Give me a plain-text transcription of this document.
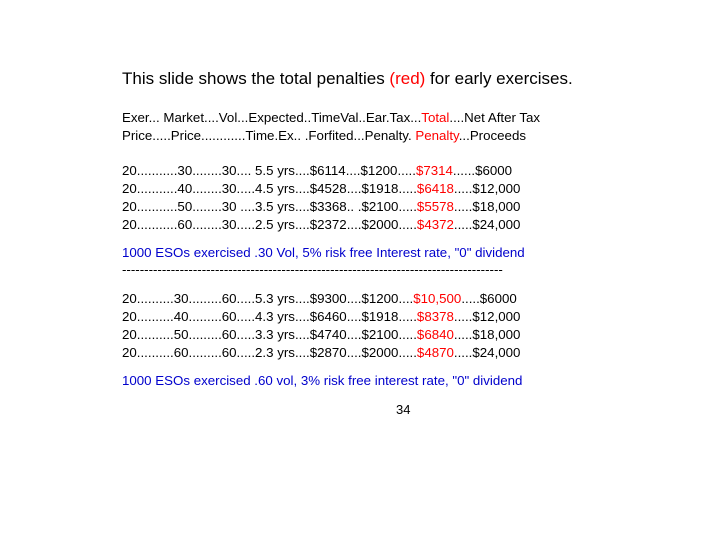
This slide shows the total penalties (red) for early exercises.
Exer... Market....Vol...Expected..TimeVal..Ear.Tax...Total....Net After Tax
Price.....Price............Time.Ex.. .Forfited...Penalty. Penalty...Proceeds
20...........30........30.... 5.5 yrs....$6114....$1200.....$7314......$6000
20...........40........30.....4.5 yrs....$4528....$1918.....$6418.....$12,000
20...........50........30 ....3.5 yrs....$3368.. .$2100.....$5578.....$18,000
20...........60........30.....2.5 yrs....$2372....$2000.....$4372.....$24,000
1000 ESOs exercised .30 Vol, 5% risk free Interest rate, "0" dividend
--------------------------------------------------------------------------------------
20..........30.........60.....5.3 yrs....$9300....$1200....$10,500.....$6000
20..........40.........60.....4.3 yrs....$6460....$1918.....$8378.....$12,000
20..........50.........60.....3.3 yrs....$4740....$2100.....$6840.....$18,000
20..........60.........60.....2.3 yrs....$2870....$2000.....$4870.....$24,000
1000 ESOs exercised .60 vol, 3% risk free interest rate, "0" dividend
34
